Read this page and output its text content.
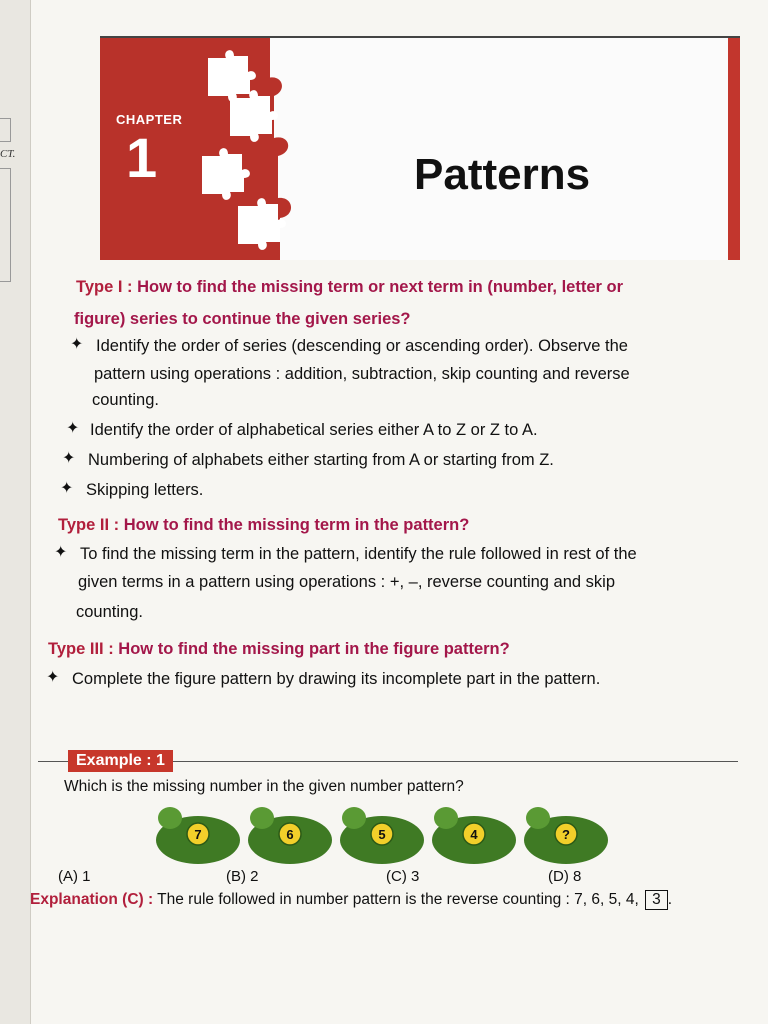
CT.
CHAPTER
1	Patterns
Type I : How to find the missing term or next term in (number, letter or
figure) series to continue the given series?
✦ Identify the order of series (descending or ascending order). Observe the
pattern using operations : addition, subtraction, skip counting and reverse
counting.
✦ Identify the order of alphabetical series either A to Z or Z to A.
✦ Numbering of alphabets either starting from A or starting from Z.
✦ Skipping letters.
Type II : How to find the missing term in the pattern?
✦ To find the missing term in the pattern, identify the rule followed in rest of the
given terms in a pattern using operations : +, –, reverse counting and skip
counting.
Type III : How to find the missing part in the figure pattern?
✦ Complete the figure pattern by drawing its incomplete part in the pattern.
Example : 1
Which is the missing number in the given number pattern?
7	6	5	4	?
(A) 1	(B) 2	(C) 3	(D) 8
Explanation (C) : The rule followed in number pattern is the reverse counting : 7, 6, 5, 4, 3 .
